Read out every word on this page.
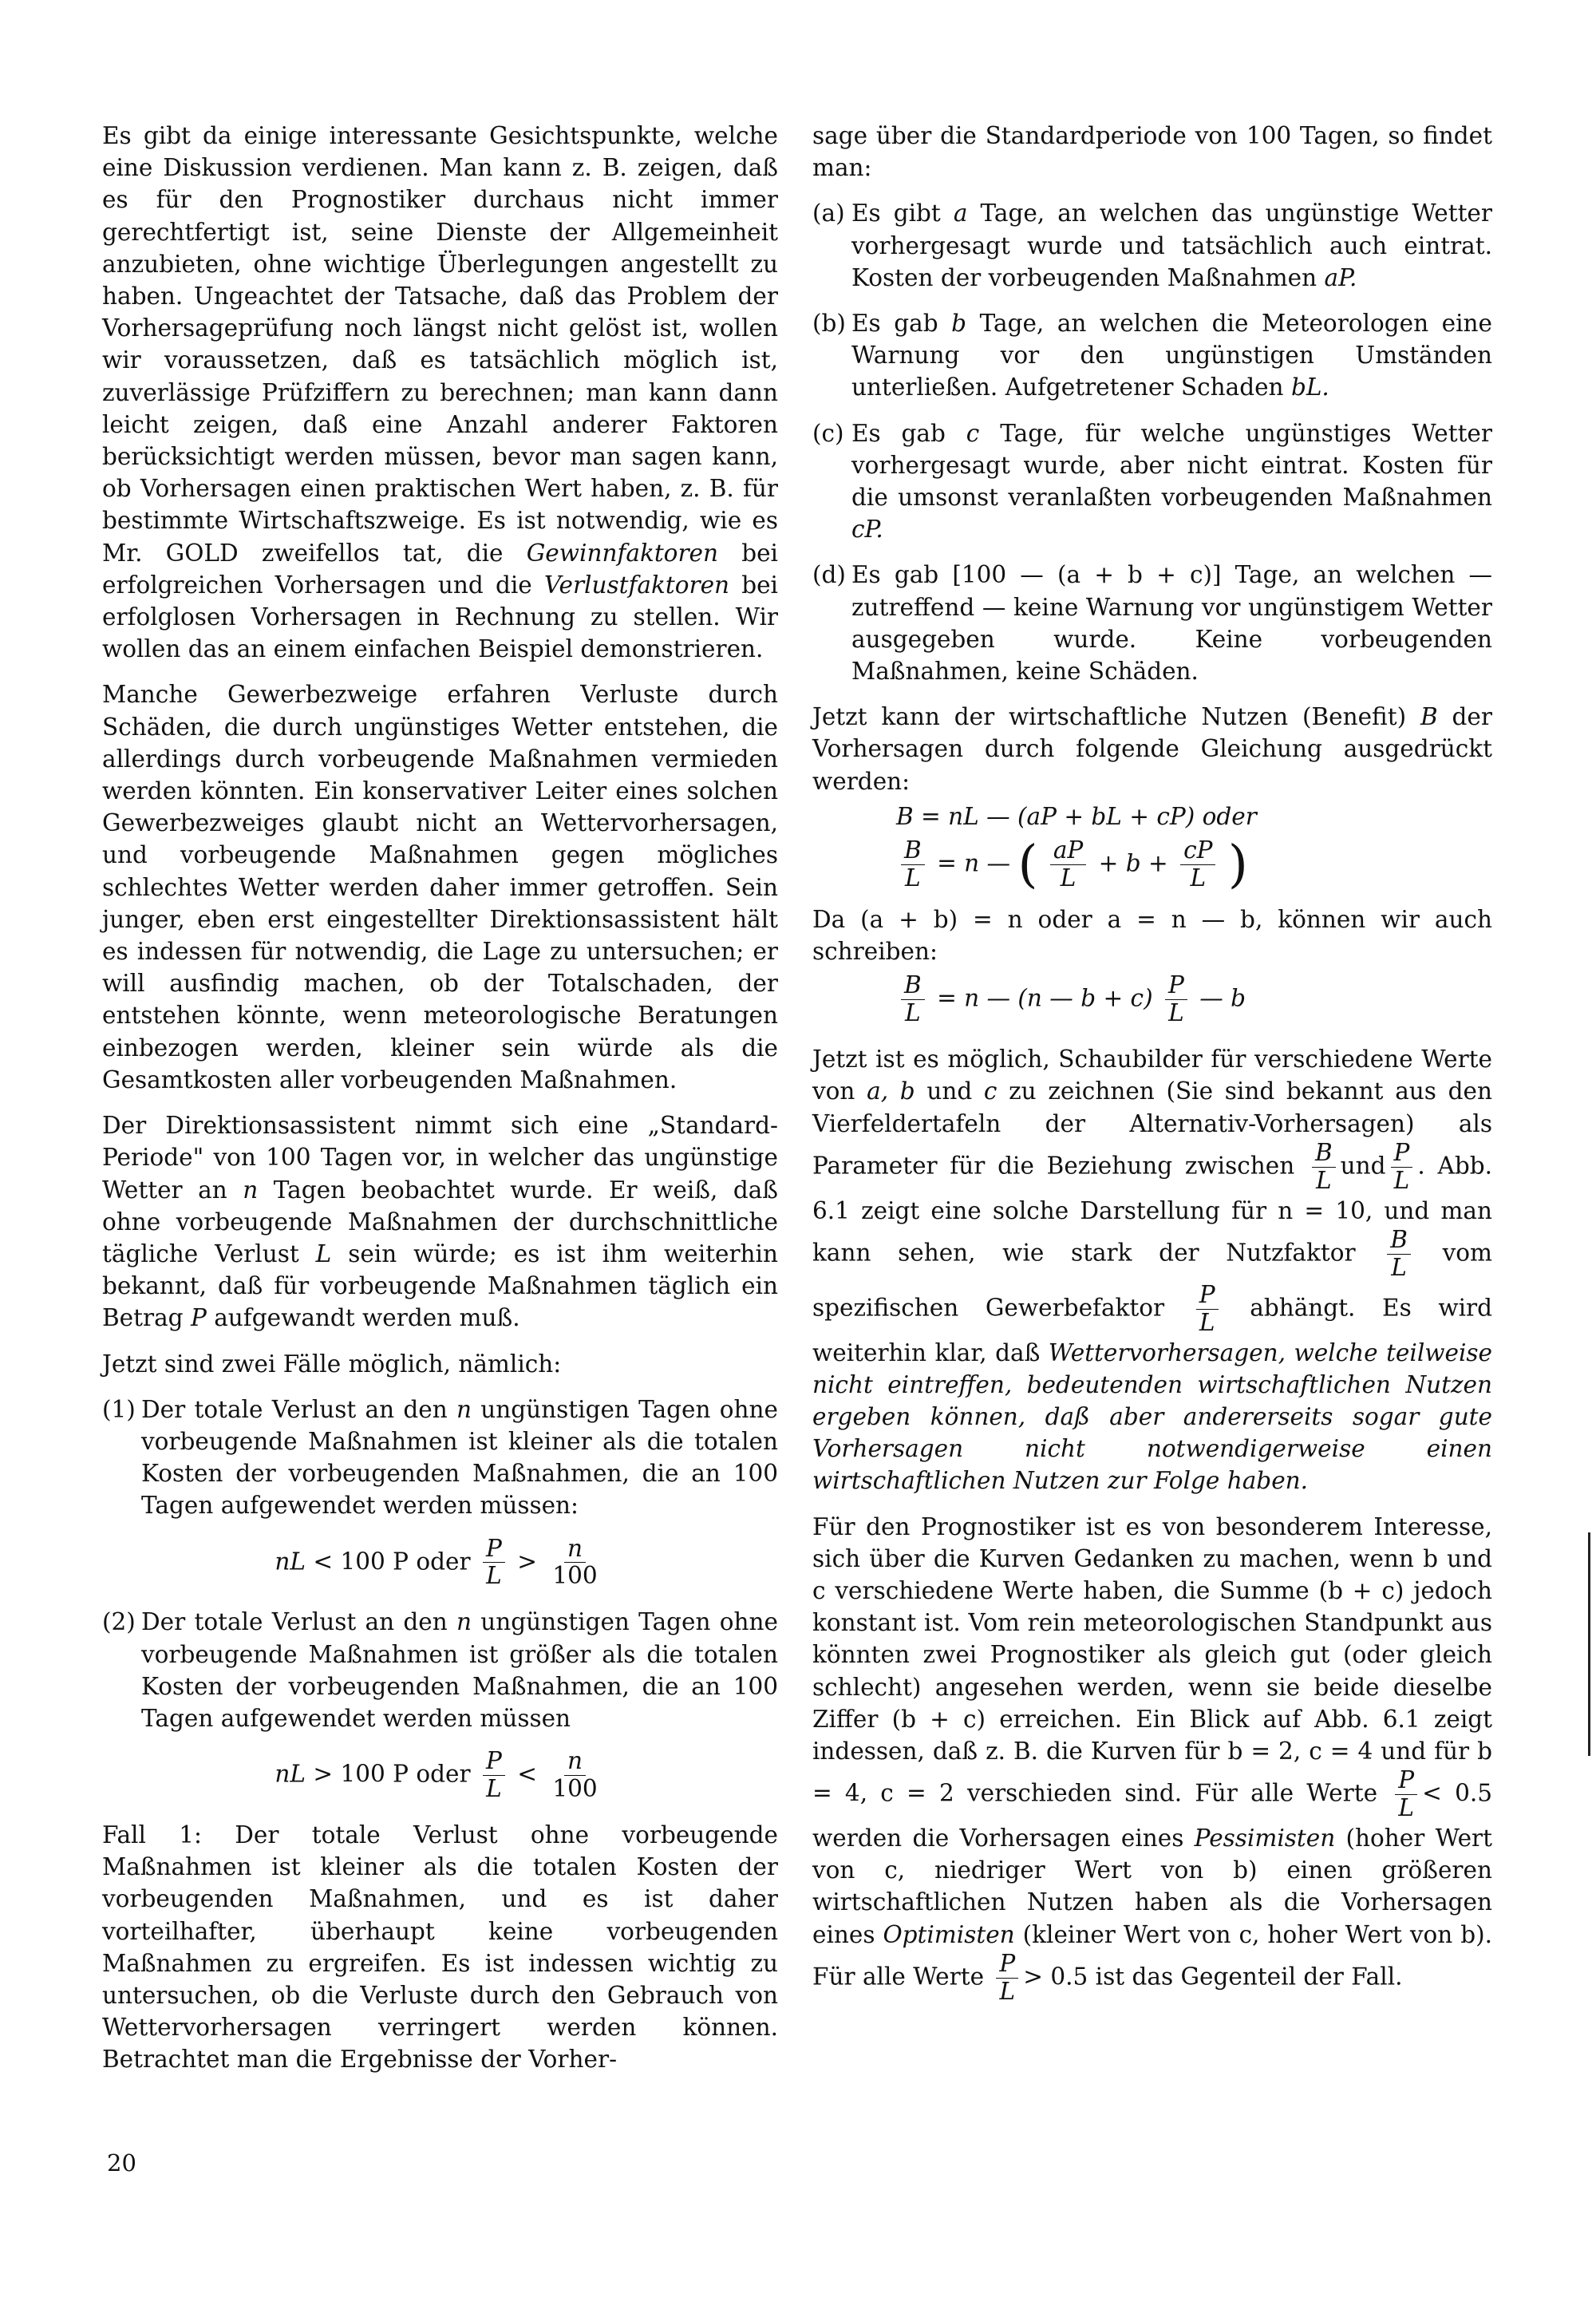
Es gibt da einige interessante Gesichtspunkte, welche eine Diskussion verdienen. Man kann z. B. zeigen, daß es für den Prognostiker durchaus nicht immer gerechtfertigt ist, seine Dienste der Allgemeinheit anzubieten, ohne wichtige Überlegungen angestellt zu haben. Ungeachtet der Tatsache, daß das Problem der Vorhersageprüfung noch längst nicht gelöst ist, wollen wir voraussetzen, daß es tatsächlich möglich ist, zuverlässige Prüfziffern zu berechnen; man kann dann leicht zeigen, daß eine Anzahl anderer Faktoren berücksichtigt werden müssen, bevor man sagen kann, ob Vorhersagen einen praktischen Wert haben, z. B. für bestimmte Wirtschaftszweige. Es ist notwendig, wie es Mr. GOLD zweifellos tat, die Gewinnfaktoren bei erfolgreichen Vorhersagen und die Verlustfaktoren bei erfolglosen Vorhersagen in Rechnung zu stellen. Wir wollen das an einem einfachen Beispiel demonstrieren.

Manche Gewerbezweige erfahren Verluste durch Schäden, die durch ungünstiges Wetter entstehen, die allerdings durch vorbeugende Maßnahmen vermieden werden könnten. Ein konservativer Leiter eines solchen Gewerbezweiges glaubt nicht an Wettervorhersagen, und vorbeugende Maßnahmen gegen mögliches schlechtes Wetter werden daher immer getroffen. Sein junger, eben erst eingestellter Direktionsassistent hält es indessen für notwendig, die Lage zu untersuchen; er will ausfindig machen, ob der Totalschaden, der entstehen könnte, wenn meteorologische Beratungen einbezogen werden, kleiner sein würde als die Gesamtkosten aller vorbeugenden Maßnahmen.

Der Direktionsassistent nimmt sich eine „Standard-Periode" von 100 Tagen vor, in welcher das ungünstige Wetter an n Tagen beobachtet wurde. Er weiß, daß ohne vorbeugende Maßnahmen der durchschnittliche tägliche Verlust L sein würde; es ist ihm weiterhin bekannt, daß für vorbeugende Maßnahmen täglich ein Betrag P aufgewandt werden muß.

Jetzt sind zwei Fälle möglich, nämlich:

(1) Der totale Verlust an den n ungünstigen Tagen ohne vorbeugende Maßnahmen ist kleiner als die totalen Kosten der vorbeugenden Maßnahmen, die an 100 Tagen aufgewendet werden müssen:
nL < 100 P oder $\frac{P}{L} > \frac{n}{100}$
(2) Der totale Verlust an den n ungünstigen Tagen ohne vorbeugende Maßnahmen ist größer als die totalen Kosten der vorbeugenden Maßnahmen, die an 100 Tagen aufgewendet werden müssen
nL > 100 P oder $\frac{P}{L} < \frac{n}{100}$

Fall 1: Der totale Verlust ohne vorbeugende Maßnahmen ist kleiner als die totalen Kosten der vorbeugenden Maßnahmen, und es ist daher vorteilhafter, überhaupt keine vorbeugenden Maßnahmen zu ergreifen. Es ist indessen wichtig zu untersuchen, ob die Verluste durch den Gebrauch von Wettervorhersagen verringert werden können. Betrachtet man die Ergebnisse der Vorher-

sage über die Standardperiode von 100 Tagen, so findet man:

(a) Es gibt a Tage, an welchen das ungünstige Wetter vorhergesagt wurde und tatsächlich auch eintrat. Kosten der vorbeugenden Maßnahmen aP.
(b) Es gab b Tage, an welchen die Meteorologen eine Warnung vor den ungünstigen Umständen unterließen. Aufgetretener Schaden bL.
(c) Es gab c Tage, für welche ungünstiges Wetter vorhergesagt wurde, aber nicht eintrat. Kosten für die umsonst veranlaßten vorbeugenden Maßnahmen cP.
(d) Es gab [100 — (a + b + c)] Tage, an welchen — zutreffend — keine Warnung vor ungünstigem Wetter ausgegeben wurde. Keine vorbeugenden Maßnahmen, keine Schäden.

Jetzt kann der wirtschaftliche Nutzen (Benefit) B der Vorhersagen durch folgende Gleichung ausgedrückt werden:

B = nL — (aP + bL + cP) oder
$\frac{B}{L} = n$ — ( $\frac{aP}{L} + b + \frac{cP}{L}$ )

Da (a + b) = n oder a = n — b, können wir auch schreiben:

$\frac{B}{L} = n$ — (n — $b + c) \frac{P}{L}$ — b

Jetzt ist es möglich, Schaubilder für verschiedene Werte von a, b und c zu zeichnen (Sie sind bekannt aus den Vierfeldertafeln der Alternativ-Vorhersagen) als Parameter für die Beziehung zwischen $\frac{B}{L}$ und $\frac{P}{L}$ . Abb. 6.1 zeigt eine solche Darstellung für n = 10, und man kann sehen, wie stark der Nutzfaktor $\frac{B}{L}$ vom spezifischen Gewerbefaktor $\frac{P}{L}$ abhängt. Es wird weiterhin klar, daß Wettervorhersagen, welche teilweise nicht eintreffen, bedeutenden wirtschaftlichen Nutzen ergeben können, daß aber andererseits sogar gute Vorhersagen nicht notwendigerweise einen wirtschaftlichen Nutzen zur Folge haben.

Für den Prognostiker ist es von besonderem Interesse, sich über die Kurven Gedanken zu machen, wenn b und c verschiedene Werte haben, die Summe (b + c) jedoch konstant ist. Vom rein meteorologischen Standpunkt aus könnten zwei Prognostiker als gleich gut (oder gleich schlecht) angesehen werden, wenn sie beide dieselbe Ziffer (b + c) erreichen. Ein Blick auf Abb. 6.1 zeigt indessen, daß z. B. die Kurven für b = 2, c = 4 und für b = 4, c = 2 verschieden sind. Für alle Werte $\frac{P}{L} < 0.5$ werden die Vorhersagen eines Pessimisten (hoher Wert von c, niedriger Wert von b) einen größeren wirtschaftlichen Nutzen haben als die Vorhersagen eines Optimisten (kleiner Wert von c, hoher Wert von b). Für alle Werte $\frac{P}{L} > 0.5$ ist das Gegenteil der Fall.

20
